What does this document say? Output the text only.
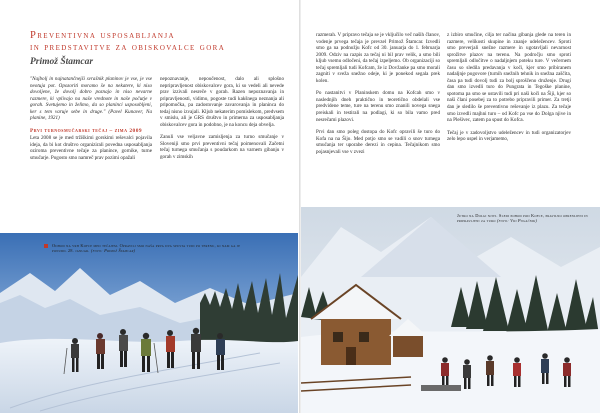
Preventivna usposabljanja
in predstavitve za obiskovalce gora
Primož Štamcar

"Najbolj in najnatančnejši svrašnik planinov je vse, je vse neotuja pot. Opozoriti moramo še na nekatere, ki niso dovoljene, že dovolj dobro poznajo in niso nevarne razmere, ki vplivajo na naše vrednote in naše počutje v gorah. Svetujemo in želimo, da so planinci usposobljeni, ker s tem varuje sebe in druge." (Pavel Kunaver, Na planine, 1921)

Prvi turnosmučarski tečaj – zima 2009

Leta 2008 se je med tržiškimi gorskimi reševalci pojavila ideja, da bi kot društvo organizirali povedna usposabljanja oziroma preventivne tečaje za planince, gornike, turne smučarje. Pogosto smo namreč prav pozimi opažali

nepoznavanje, nepoučenost, dalo ali splošno nepripravljenost obiskovalcev gora, ki so vedeli ali nevede prav izzivali nesreče v gorah. Razen nepoznavanja in pripravljenosti, vidimo, pogoste tudi kakšnega neznanja ali pripomočka, pa zadostovanje zavarovanja in planinca do tedaj nisno izvajali. Kljub nekaterim pomislekom, predvsem v smislu, ali je GRS društvo in primerna za usposabljanja obiskovalcev gora in podobno, je na koncu deja obvelja.

Zanuli vse veljavne zamisljenja za turno smučanje v Sloveniji smo prvi preventivni tečaj poimenovali Začetni tečaj turnega smučanja s poudarkom na varnem gibanju v gorah v zimskih

razmerah. V pripravo tečaja se je vključilo več naših članov, vodenje prvega tečaja je prevzel Primož Štamcar. Izvedli smo ga na podnožju Kofc od 30. januarja do 1. februarja 2009. Odziv na razpis za tečaj ni bil prav velik, a smo bili kljub vsemu odločeni, da tečaj izpeljemo. Ob organizaciji so tečaj spremljali tudi Kofcam, že iz Dovžanke pa smo morali zagniti v sveža snežno odeje, ki je ponekod segala prek kolen.

Po nastanitvi v Planinskem domu na Kofcah smo v naslednjih dneh praktično in teoretično obdelali vse predvidene teme, ture na terenu smo znanili novega snega preiskali in testirali na podlagi, ki so bila vamo pred nesrečami plazovi.

Prvi dan smo poleg dostopa do Kofc opravili še turo do Kofa na na Šijo. Med potjo smo se vadili o snov turnega smučanja ter uporabe derezi in cepina. Tečajnikom smo pojasnjevali vse v zvezi

z izbiro smučine, cilja ter načina gibanja glede na teren in razmere, velikosti skupine in znanje udeležencev. Sproti smo preverjali snežne razmere in ugotavljali nevarnost sprožitve plazov na terenu. Na področju smo sproti spremljali odločitve o nadaljnjem poteku ture. V večernem času so sledila predavanja v koči, kjer smo pribiranem nadaljnje pogovore (turnih snežnih tehnik in snežna zaščita, časa pa tudi dovolj tudi za bolj sproščeno druženje. Drugi dan smo izvedli turo do Pungrata in Tegoške planine, spotoma pa smo se ustavili tudi pri naši koči na Šiji, kjer so naši člani posebej za to potrebo pripravili primer. Za tretji dan je sledilo še preventivno reševanje iz plazu. Za tečaje smo izvedli majhni turo – od Kofc pa vse do Dolga njive in na Plešivec, zatem pa spust do Kofca.

Tečaj je v zadovoljstvo udeležencev in tudi organizatorjev zelo lepo uspel in verjamemo,

Odhod na vrh Kofce med tečajem. Opravili smo naša prva dva spusta tudi po terenu, ki nam ga je ponudil 28. januar. (foto: Primož Štamcar)
Jutro na Dolgi njivi. Sledi pohod pod Kofce, pravilno oprenljeni in pripravljeni za turo (foto: Vid Pogačnik)
